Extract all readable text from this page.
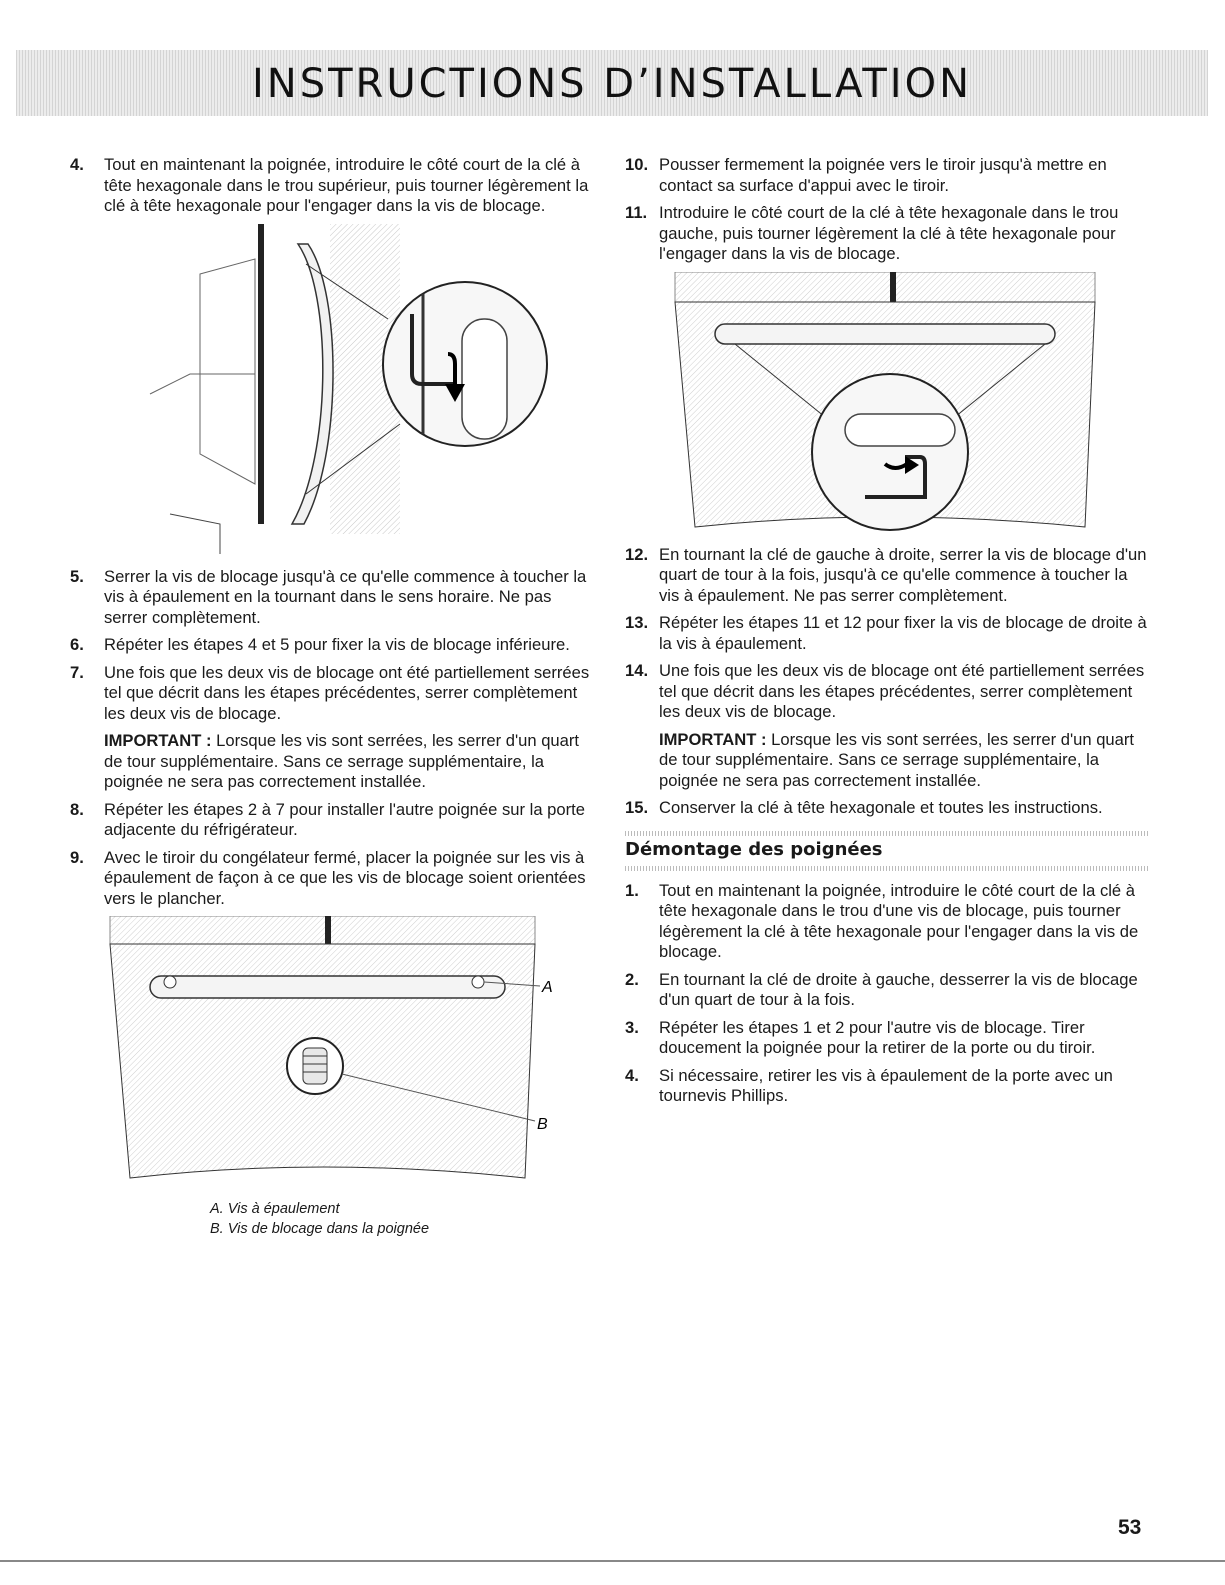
INSTRUCTIONS D’INSTALLATION
4. Tout en maintenant la poignée, introduire le côté court de la clé à tête hexagonale dans le trou supérieur, puis tourner légèrement la clé à tête hexagonale pour l'engager dans la vis de blocage.
5. Serrer la vis de blocage jusqu'à ce qu'elle commence à toucher la vis à épaulement en la tournant dans le sens horaire. Ne pas serrer complètement.
6. Répéter les étapes 4 et 5 pour fixer la vis de blocage inférieure.
7. Une fois que les deux vis de blocage ont été partiellement serrées tel que décrit dans les étapes précédentes, serrer complètement les deux vis de blocage.
IMPORTANT : Lorsque les vis sont serrées, les serrer d'un quart de tour supplémentaire. Sans ce serrage supplémentaire, la poignée ne sera pas correctement installée.
8. Répéter les étapes 2 à 7 pour installer l'autre poignée sur la porte adjacente du réfrigérateur.
9. Avec le tiroir du congélateur fermé, placer la poignée sur les vis à épaulement de façon à ce que les vis de blocage soient orientées vers le plancher.
A
B
A. Vis à épaulement
B. Vis de blocage dans la poignée
10. Pousser fermement la poignée vers le tiroir jusqu'à mettre en contact sa surface d'appui avec le tiroir.
11. Introduire le côté court de la clé à tête hexagonale dans le trou gauche, puis tourner légèrement la clé à tête hexagonale pour l'engager dans la vis de blocage.
12. En tournant la clé de gauche à droite, serrer la vis de blocage d'un quart de tour à la fois, jusqu'à ce qu'elle commence à toucher la vis à épaulement. Ne pas serrer complètement.
13. Répéter les étapes 11 et 12 pour fixer la vis de blocage de droite à la vis à épaulement.
14. Une fois que les deux vis de blocage ont été partiellement serrées tel que décrit dans les étapes précédentes, serrer complètement les deux vis de blocage.
IMPORTANT : Lorsque les vis sont serrées, les serrer d'un quart de tour supplémentaire. Sans ce serrage supplémentaire, la poignée ne sera pas correctement installée.
15. Conserver la clé à tête hexagonale et toutes les instructions.
Démontage des poignées
1. Tout en maintenant la poignée, introduire le côté court de la clé à tête hexagonale dans le trou d'une vis de blocage, puis tourner légèrement la clé à tête hexagonale pour l'engager dans la vis de blocage.
2. En tournant la clé de droite à gauche, desserrer la vis de blocage d'un quart de tour à la fois.
3. Répéter les étapes 1 et 2 pour l'autre vis de blocage. Tirer doucement la poignée pour la retirer de la porte ou du tiroir.
4. Si nécessaire, retirer les vis à épaulement de la porte avec un tournevis Phillips.
53
